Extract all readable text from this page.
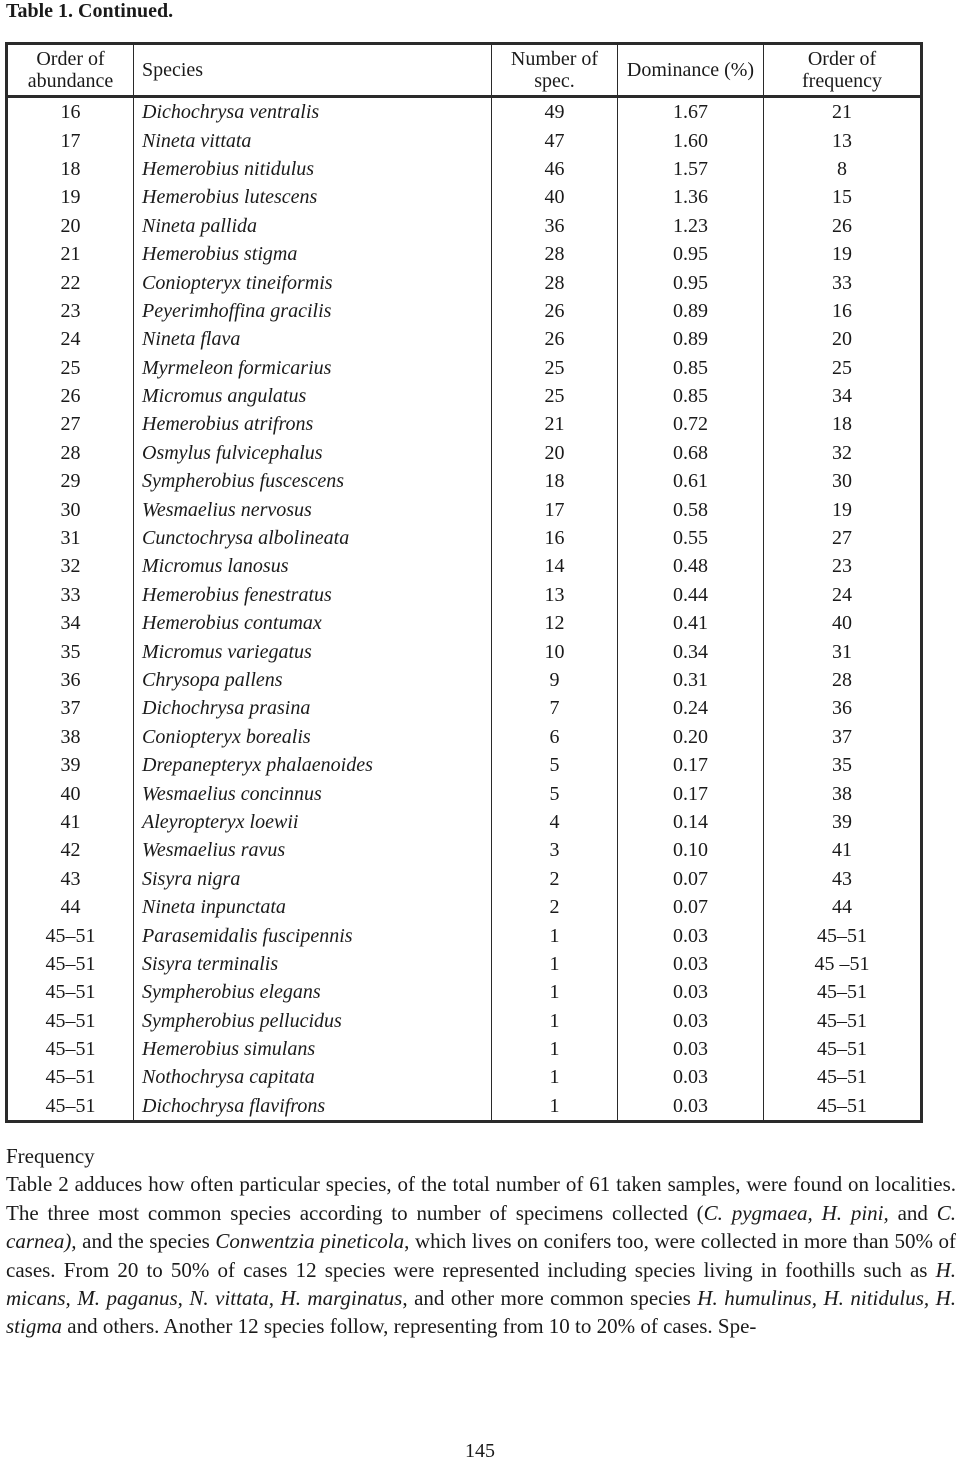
Table 1. Continued.
Order of abundance	Species	Number of spec.	Dominance (%)	Order of frequency
16	Dichochrysa ventralis	49	1.67	21
17	Nineta vittata	47	1.60	13
18	Hemerobius nitidulus	46	1.57	8
19	Hemerobius lutescens	40	1.36	15
20	Nineta pallida	36	1.23	26
21	Hemerobius stigma	28	0.95	19
22	Coniopteryx tineiformis	28	0.95	33
23	Peyerimhoffina gracilis	26	0.89	16
24	Nineta flava	26	0.89	20
25	Myrmeleon formicarius	25	0.85	25
26	Micromus angulatus	25	0.85	34
27	Hemerobius atrifrons	21	0.72	18
28	Osmylus fulvicephalus	20	0.68	32
29	Sympherobius fuscescens	18	0.61	30
30	Wesmaelius nervosus	17	0.58	19
31	Cunctochrysa albolineata	16	0.55	27
32	Micromus lanosus	14	0.48	23
33	Hemerobius fenestratus	13	0.44	24
34	Hemerobius contumax	12	0.41	40
35	Micromus variegatus	10	0.34	31
36	Chrysopa pallens	9	0.31	28
37	Dichochrysa prasina	7	0.24	36
38	Coniopteryx borealis	6	0.20	37
39	Drepanepteryx phalaenoides	5	0.17	35
40	Wesmaelius concinnus	5	0.17	38
41	Aleyropteryx loewii	4	0.14	39
42	Wesmaelius ravus	3	0.10	41
43	Sisyra nigra	2	0.07	43
44	Nineta inpunctata	2	0.07	44
45–51	Parasemidalis fuscipennis	1	0.03	45–51
45–51	Sisyra terminalis	1	0.03	45 –51
45–51	Sympherobius elegans	1	0.03	45–51
45–51	Sympherobius pellucidus	1	0.03	45–51
45–51	Hemerobius simulans	1	0.03	45–51
45–51	Nothochrysa capitata	1	0.03	45–51
45–51	Dichochrysa flavifrons	1	0.03	45–51

Frequency

Table 2 adduces how often particular species, of the total number of 61 taken samples, were found on localities. The three most common species according to number of specimens collected (C. pygmaea, H. pini, and C. carnea), and the species Conwentzia pineticola, which lives on conifers too, were collected in more than 50% of cases. From 20 to 50% of cases 12 species were represented including species living in foothills such as H. micans, M. paganus, N. vittata, H. marginatus, and other more common species H. humulinus, H. nitidulus, H. stigma and others. Another 12 species follow, representing from 10 to 20% of cases. Spe-

145
